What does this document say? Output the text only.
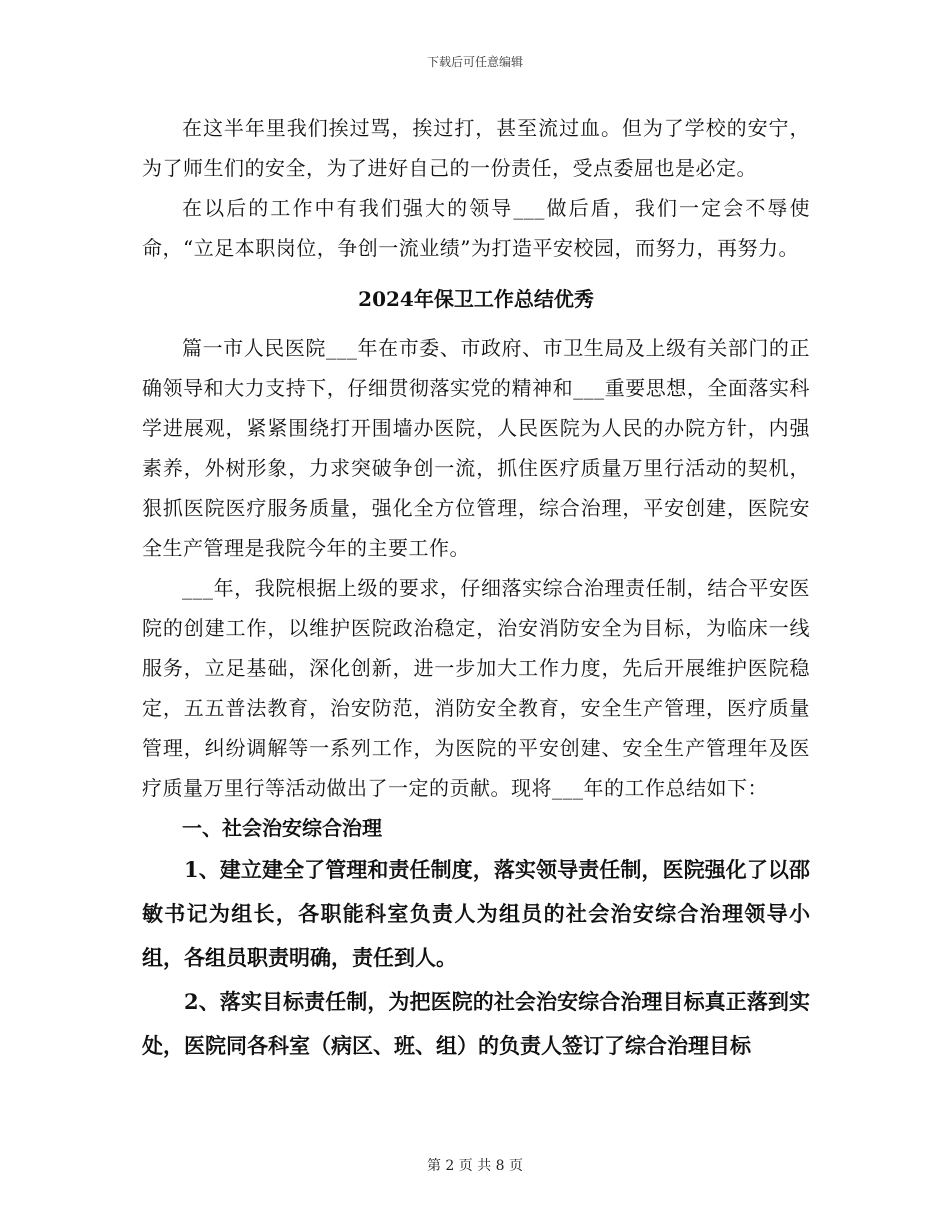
下载后可任意编辑

在这半年里我们挨过骂，挨过打，甚至流过血。但为了学校的安宁，为了师生们的安全，为了进好自己的一份责任，受点委屈也是必定。

在以后的工作中有我们强大的领导___做后盾，我们一定会不辱使命，“立足本职岗位，争创一流业绩”为打造平安校园，而努力，再努力。

2024年保卫工作总结优秀

篇一市人民医院___年在市委、市政府、市卫生局及上级有关部门的正确领导和大力支持下，仔细贯彻落实党的精神和___重要思想，全面落实科学进展观，紧紧围绕打开围墙办医院，人民医院为人民的办院方针，内强素养，外树形象，力求突破争创一流，抓住医疗质量万里行活动的契机，狠抓医院医疗服务质量，强化全方位管理，综合治理，平安创建，医院安全生产管理是我院今年的主要工作。

___年，我院根据上级的要求，仔细落实综合治理责任制，结合平安医院的创建工作，以维护医院政治稳定，治安消防安全为目标，为临床一线服务，立足基础，深化创新，进一步加大工作力度，先后开展维护医院稳定，五五普法教育，治安防范，消防安全教育，安全生产管理，医疗质量管理，纠纷调解等一系列工作，为医院的平安创建、安全生产管理年及医疗质量万里行等活动做出了一定的贡献。现将___年的工作总结如下：

一、社会治安综合治理

1、建立建全了管理和责任制度，落实领导责任制，医院强化了以邵敏书记为组长，各职能科室负责人为组员的社会治安综合治理领导小组，各组员职责明确，责任到人。

2、落实目标责任制，为把医院的社会治安综合治理目标真正落到实处，医院同各科室（病区、班、组）的负责人签订了综合治理目标

第 2 页 共 8 页
